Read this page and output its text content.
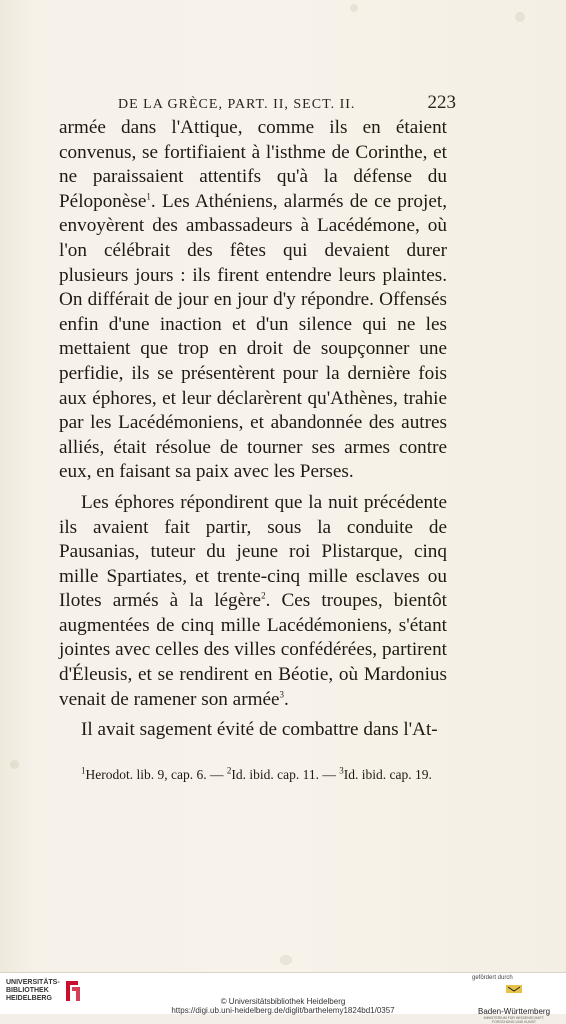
DE LA GRÈCE, PART. II, SECT. II.	223

armée dans l'Attique, comme ils en étaient convenus, se fortifiaient à l'isthme de Corinthe, et ne paraissaient attentifs qu'à la défense du Péloponèse$^1$. Les Athéniens, alarmés de ce projet, envoyèrent des ambassadeurs à Lacédémone, où l'on célébrait des fêtes qui devaient durer plusieurs jours : ils firent entendre leurs plaintes. On différait de jour en jour d'y répondre. Offensés enfin d'une inaction et d'un silence qui ne les mettaient que trop en droit de soupçonner une perfidie, ils se présentèrent pour la dernière fois aux éphores, et leur déclarèrent qu'Athènes, trahie par les Lacédémoniens, et abandonnée des autres alliés, était résolue de tourner ses armes contre eux, en faisant sa paix avec les Perses.

Les éphores répondirent que la nuit précédente ils avaient fait partir, sous la conduite de Pausanias, tuteur du jeune roi Plistarque, cinq mille Spartiates, et trente-cinq mille esclaves ou Ilotes armés à la légère$^2$. Ces troupes, bientôt augmentées de cinq mille Lacédémoniens, s'étant jointes avec celles des villes confédérées, partirent d'Éleusis, et se rendirent en Béotie, où Mardonius venait de ramener son armée$^3$.

Il avait sagement évité de combattre dans l'At-

$^1$Herodot. lib. 9, cap. 6. — $^2$Id. ibid. cap. 11. — $^3$Id. ibid. cap. 19.
UNIVERSITÄTS-
BIBLIOTHEK
HEIDELBERG	© Universitätsbibliothek Heidelberg
https://digi.ub.uni-heidelberg.de/diglit/barthelemy1824bd1/0357
gefördert durch
Baden-Württemberg
MINISTERIUM FÜR WISSENSCHAFT, FORSCHUNG UND KUNST
